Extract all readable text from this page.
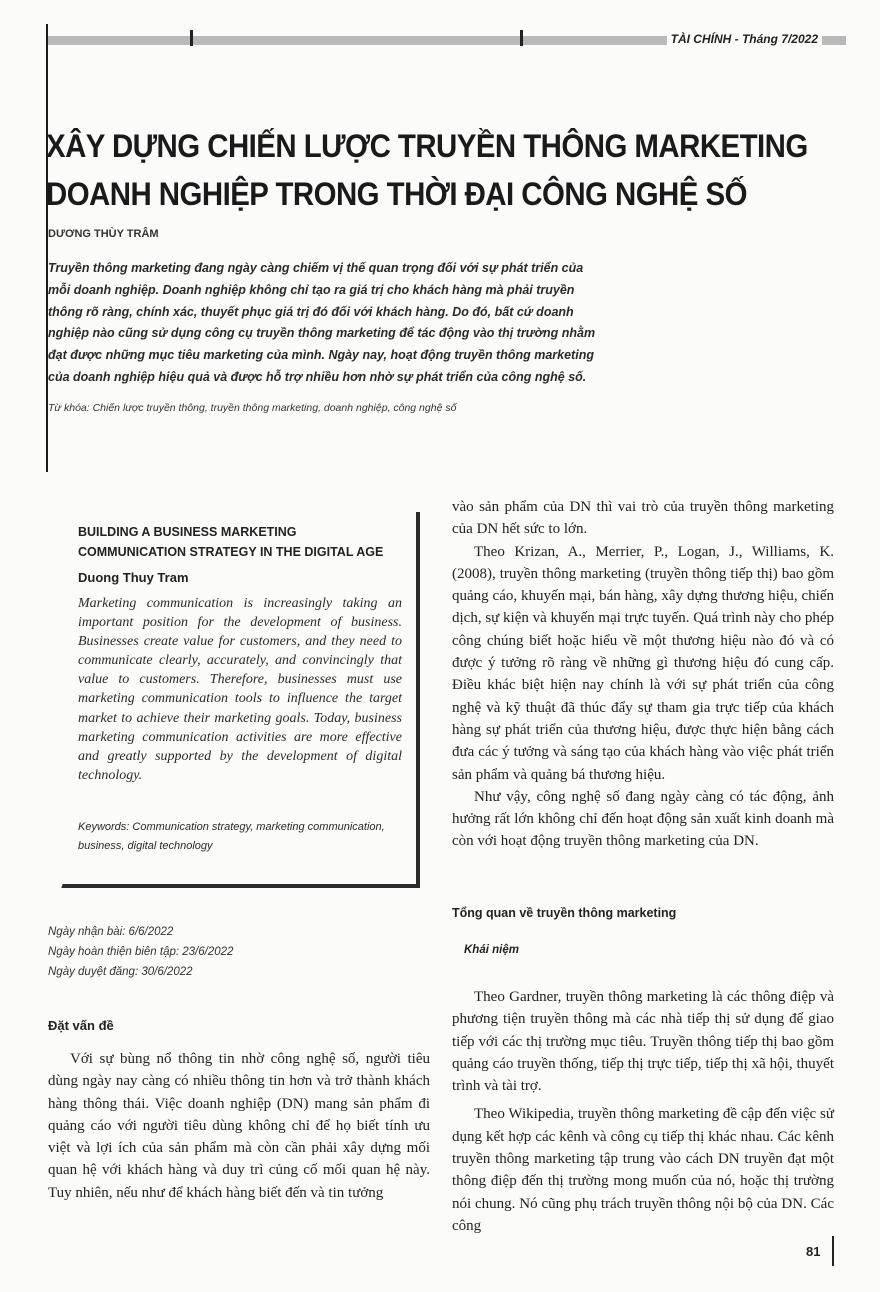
TÀI CHÍNH - Tháng 7/2022
XÂY DỰNG CHIẾN LƯỢC TRUYỀN THÔNG MARKETING
DOANH NGHIỆP TRONG THỜI ĐẠI CÔNG NGHỆ SỐ
DƯƠNG THÙY TRÂM
Truyền thông marketing đang ngày càng chiếm vị thế quan trọng đối với sự phát triển của mỗi doanh nghiệp. Doanh nghiệp không chỉ tạo ra giá trị cho khách hàng mà phải truyền thông rõ ràng, chính xác, thuyết phục giá trị đó đối với khách hàng. Do đó, bất cứ doanh nghiệp nào cũng sử dụng công cụ truyền thông marketing để tác động vào thị trường nhằm đạt được những mục tiêu marketing của mình. Ngày nay, hoạt động truyền thông marketing của doanh nghiệp hiệu quả và được hỗ trợ nhiều hơn nhờ sự phát triển của công nghệ số.
Từ khóa: Chiến lược truyền thông, truyền thông marketing, doanh nghiệp, công nghệ số
BUILDING A BUSINESS MARKETING COMMUNICATION STRATEGY IN THE DIGITAL AGE
Duong Thuy Tram
Marketing communication is increasingly taking an important position for the development of business. Businesses create value for customers, and they need to communicate clearly, accurately, and convincingly that value to customers. Therefore, businesses must use marketing communication tools to influence the target market to achieve their marketing goals. Today, business marketing communication activities are more effective and greatly supported by the development of digital technology.
Keywords: Communication strategy, marketing communication, business, digital technology
Ngày nhận bài: 6/6/2022
Ngày hoàn thiện biên tập: 23/6/2022
Ngày duyệt đăng: 30/6/2022
Đặt vấn đề

Với sự bùng nổ thông tin nhờ công nghệ số, người tiêu dùng ngày nay càng có nhiều thông tin hơn và trở thành khách hàng thông thái. Việc doanh nghiệp (DN) mang sản phẩm đi quảng cáo với người tiêu dùng không chỉ để họ biết tính ưu việt và lợi ích của sản phẩm mà còn cần phải xây dựng mối quan hệ với khách hàng và duy trì củng cố mối quan hệ này. Tuy nhiên, nếu như để khách hàng biết đến và tin tưởng

vào sản phẩm của DN thì vai trò của truyền thông marketing của DN hết sức to lớn.

Theo Krizan, A., Merrier, P., Logan, J., Williams, K. (2008), truyền thông marketing (truyền thông tiếp thị) bao gồm quảng cáo, khuyến mại, bán hàng, xây dựng thương hiệu, chiến dịch, sự kiện và khuyến mại trực tuyến. Quá trình này cho phép công chúng biết hoặc hiểu về một thương hiệu nào đó và có được ý tưởng rõ ràng về những gì thương hiệu đó cung cấp. Điều khác biệt hiện nay chính là với sự phát triển của công nghệ và kỹ thuật đã thúc đẩy sự tham gia trực tiếp của khách hàng sự phát triển của thương hiệu, được thực hiện bằng cách đưa các ý tưởng và sáng tạo của khách hàng vào việc phát triển sản phẩm và quảng bá thương hiệu.

Như vậy, công nghệ số đang ngày càng có tác động, ảnh hưởng rất lớn không chỉ đến hoạt động sản xuất kinh doanh mà còn với hoạt động truyền thông marketing của DN.

Tổng quan về truyền thông marketing
Khái niệm

Theo Gardner, truyền thông marketing là các thông điệp và phương tiện truyền thông mà các nhà tiếp thị sử dụng để giao tiếp với các thị trường mục tiêu. Truyền thông tiếp thị bao gồm quảng cáo truyền thống, tiếp thị trực tiếp, tiếp thị xã hội, thuyết trình và tài trợ.

Theo Wikipedia, truyền thông marketing đề cập đến việc sử dụng kết hợp các kênh và công cụ tiếp thị khác nhau. Các kênh truyền thông marketing tập trung vào cách DN truyền đạt một thông điệp đến thị trường mong muốn của nó, hoặc thị trường nói chung. Nó cũng phụ trách truyền thông nội bộ của DN. Các công

81
